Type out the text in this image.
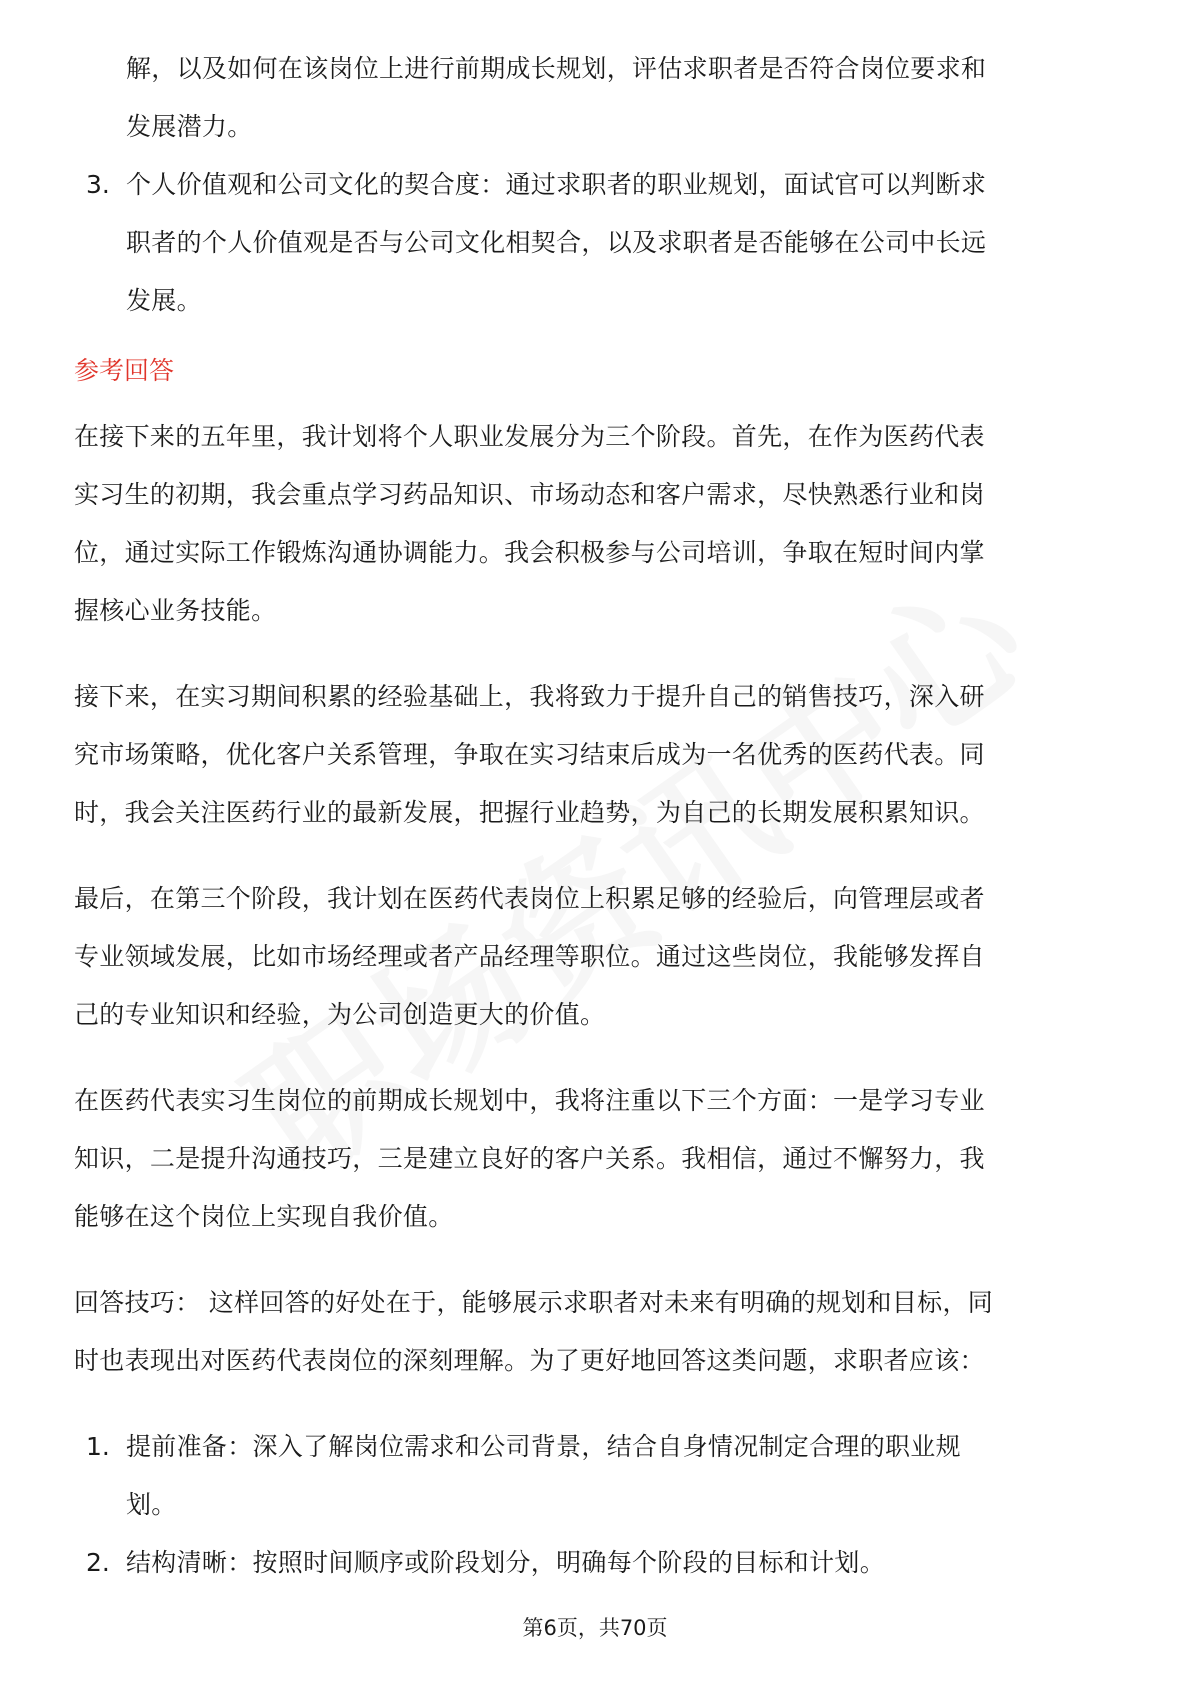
解，以及如何在该岗位上进行前期成长规划，评估求职者是否符合岗位要求和
发展潜力。
3. 个人价值观和公司文化的契合度：通过求职者的职业规划，面试官可以判断求
职者的个人价值观是否与公司文化相契合，以及求职者是否能够在公司中长远
发展。
参考回答
在接下来的五年里，我计划将个人职业发展分为三个阶段。首先，在作为医药代表
实习生的初期，我会重点学习药品知识、市场动态和客户需求，尽快熟悉行业和岗
位，通过实际工作锻炼沟通协调能力。我会积极参与公司培训，争取在短时间内掌
握核心业务技能。
接下来，在实习期间积累的经验基础上，我将致力于提升自己的销售技巧，深入研
究市场策略，优化客户关系管理，争取在实习结束后成为一名优秀的医药代表。同
时，我会关注医药行业的最新发展，把握行业趋势，为自己的长期发展积累知识。
最后，在第三个阶段，我计划在医药代表岗位上积累足够的经验后，向管理层或者
专业领域发展，比如市场经理或者产品经理等职位。通过这些岗位，我能够发挥自
己的专业知识和经验，为公司创造更大的价值。
在医药代表实习生岗位的前期成长规划中，我将注重以下三个方面：一是学习专业
知识，二是提升沟通技巧，三是建立良好的客户关系。我相信，通过不懈努力，我
能够在这个岗位上实现自我价值。
回答技巧： 这样回答的好处在于，能够展示求职者对未来有明确的规划和目标，同
时也表现出对医药代表岗位的深刻理解。为了更好地回答这类问题，求职者应该：
1. 提前准备：深入了解岗位需求和公司背景，结合自身情况制定合理的职业规
划。
2. 结构清晰：按照时间顺序或阶段划分，明确每个阶段的目标和计划。
第6页，共70页
